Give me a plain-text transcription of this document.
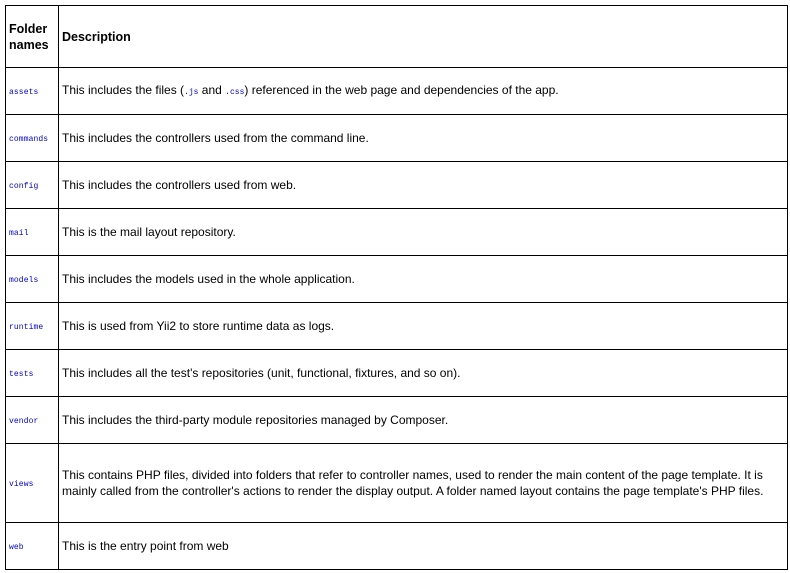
Folder names	Description
assets	This includes the files (.js and .css) referenced in the web page and dependencies of the app.
commands	This includes the controllers used from the command line.
config	This includes the controllers used from web.
mail	This is the mail layout repository.
models	This includes the models used in the whole application.
runtime	This is used from Yii2 to store runtime data as logs.
tests	This includes all the test's repositories (unit, functional, fixtures, and so on).
vendor	This includes the third-party module repositories managed by Composer.
views	This contains PHP files, divided into folders that refer to controller names, used to render the main content of the page template. It is mainly called from the controller's actions to render the display output. A folder named layout contains the page template's PHP files.
web	This is the entry point from web
